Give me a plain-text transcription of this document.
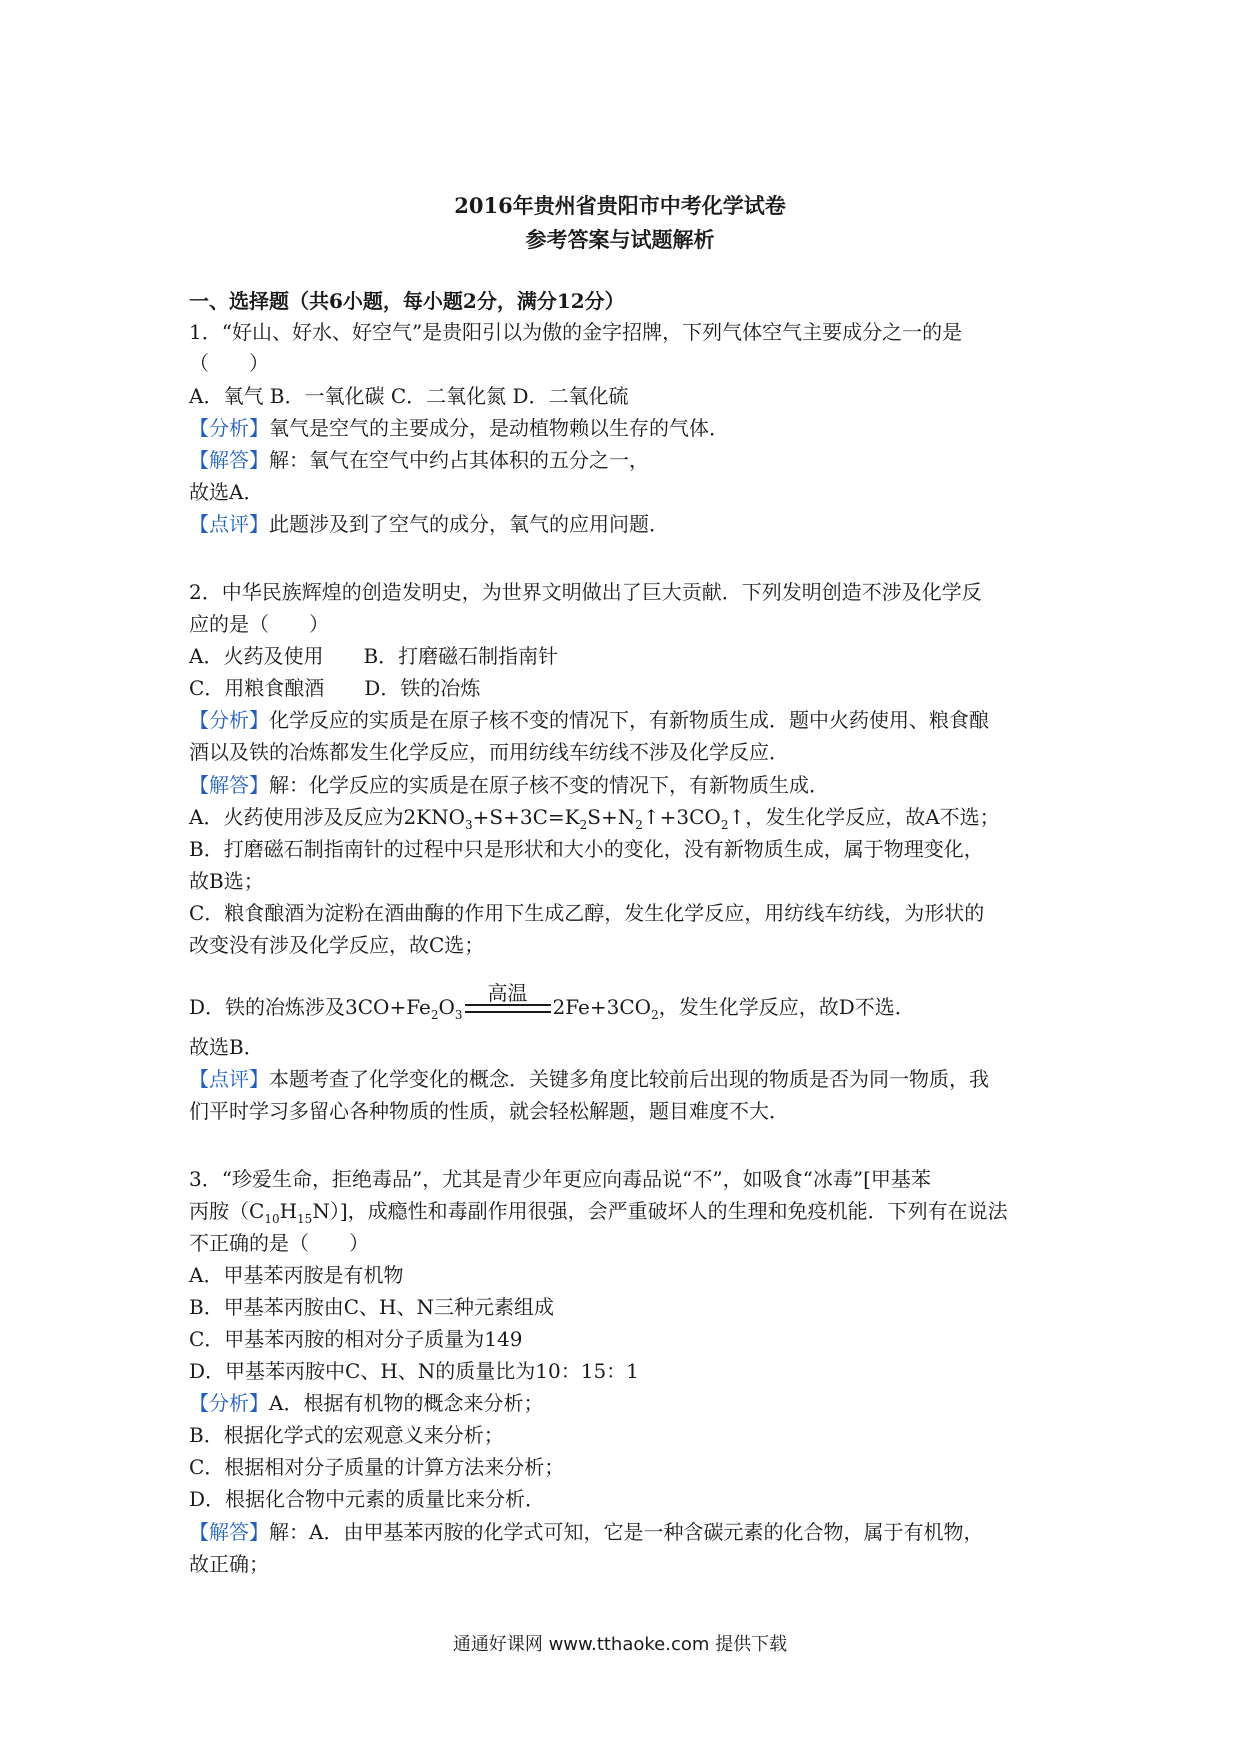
2016年贵州省贵阳市中考化学试卷
参考答案与试题解析
一、选择题（共6小题，每小题2分，满分12分）
1．“好山、好水、好空气”是贵阳引以为傲的金字招牌，下列气体空气主要成分之一的是
（　　）
A．氧气 B．一氧化碳 C．二氧化氮 D．二氧化硫
【分析】氧气是空气的主要成分，是动植物赖以生存的气体．
【解答】解：氧气在空气中约占其体积的五分之一，
故选A．
【点评】此题涉及到了空气的成分，氧气的应用问题．
2．中华民族辉煌的创造发明史，为世界文明做出了巨大贡献．下列发明创造不涉及化学反
应的是（　　）
A．火药及使用　　B．打磨磁石制指南针
C．用粮食酿酒　　D．铁的冶炼
【分析】化学反应的实质是在原子核不变的情况下，有新物质生成．题中火药使用、粮食酿
酒以及铁的冶炼都发生化学反应，而用纺线车纺线不涉及化学反应．
【解答】解：化学反应的实质是在原子核不变的情况下，有新物质生成．
A．火药使用涉及反应为$2KNO_3+S+3C=K_2S+N_2↑+3CO_2↑$，发生化学反应，故A不选；
B．打磨磁石制指南针的过程中只是形状和大小的变化，没有新物质生成，属于物理变化，
故B选；
C．粮食酿酒为淀粉在酒曲酶的作用下生成乙醇，发生化学反应，用纺线车纺线，为形状的
改变没有涉及化学反应，故C选；
D．铁的冶炼涉及$3CO+Fe_2O_3$
高温
$2Fe+3CO_2$，发生化学反应，故D不选．
故选B．
【点评】本题考查了化学变化的概念．关键多角度比较前后出现的物质是否为同一物质，我
们平时学习多留心各种物质的性质，就会轻松解题，题目难度不大．
3．“珍爱生命，拒绝毒品”，尤其是青少年更应向毒品说“不”，如吸食“冰毒”[甲基苯
丙胺$(C_{10}H_{15}N)$]，成瘾性和毒副作用很强，会严重破坏人的生理和免疫机能．下列有在说法
不正确的是（　　）
A．甲基苯丙胺是有机物
B．甲基苯丙胺由C、H、N三种元素组成
C．甲基苯丙胺的相对分子质量为149
D．甲基苯丙胺中C、H、N的质量比为10：15：1
【分析】A．根据有机物的概念来分析；
B．根据化学式的宏观意义来分析；
C．根据相对分子质量的计算方法来分析；
D．根据化合物中元素的质量比来分析．
【解答】解：A．由甲基苯丙胺的化学式可知，它是一种含碳元素的化合物，属于有机物，
故正确；
通通好课网 www.tthaoke.com 提供下载
